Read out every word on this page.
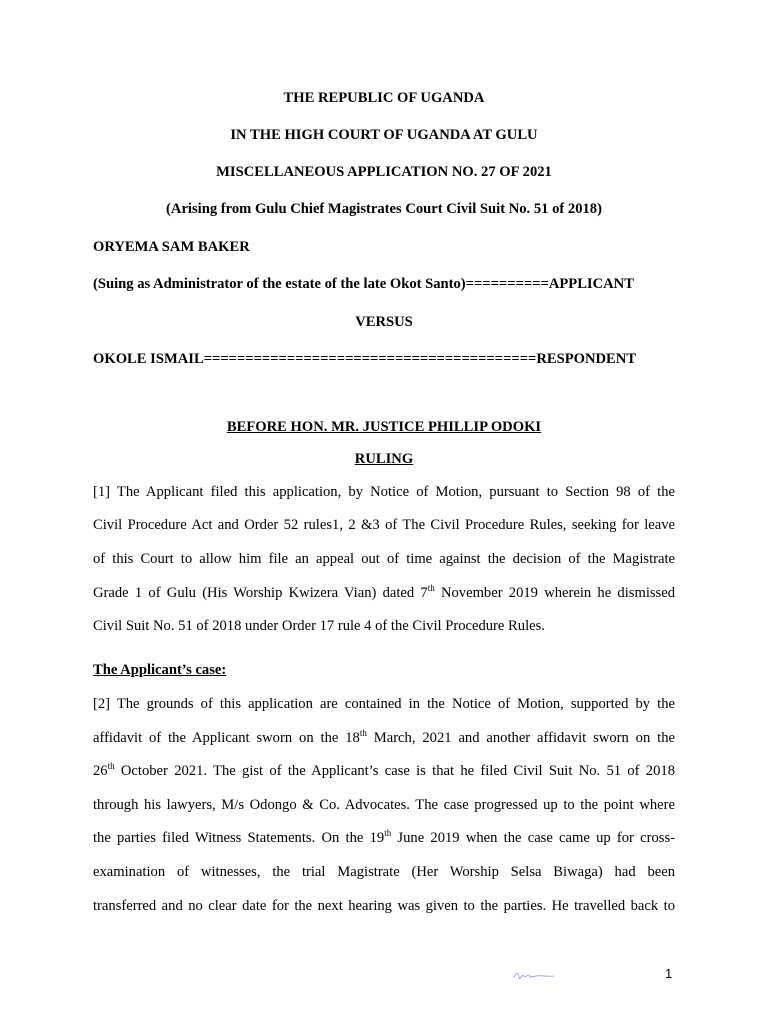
THE REPUBLIC OF UGANDA
IN THE HIGH COURT OF UGANDA AT GULU
MISCELLANEOUS APPLICATION NO. 27 OF 2021
(Arising from Gulu Chief Magistrates Court Civil Suit No. 51 of 2018)
ORYEMA SAM BAKER
(Suing as Administrator of the estate of the late Okot Santo)==========APPLICANT
VERSUS
OKOLE ISMAIL========================================RESPONDENT
BEFORE HON. MR. JUSTICE PHILLIP ODOKI
RULING
[1] The Applicant filed this application, by Notice of Motion, pursuant to Section 98 of the
Civil Procedure Act and Order 52 rules1, 2 &3 of The Civil Procedure Rules, seeking for leave
of this Court to allow him file an appeal out of time against the decision of the Magistrate
Grade 1 of Gulu (His Worship Kwizera Vian) dated 7th November 2019 wherein he dismissed
Civil Suit No. 51 of 2018 under Order 17 rule 4 of the Civil Procedure Rules.
The Applicant’s case:
[2] The grounds of this application are contained in the Notice of Motion, supported by the
affidavit of the Applicant sworn on the 18th March, 2021 and another affidavit sworn on the
26th October 2021. The gist of the Applicant’s case is that he filed Civil Suit No. 51 of 2018
through his lawyers, M/s Odongo & Co. Advocates. The case progressed up to the point where
the parties filed Witness Statements. On the 19th June 2019 when the case came up for cross-
examination of witnesses, the trial Magistrate (Her Worship Selsa Biwaga) had been
transferred and no clear date for the next hearing was given to the parties. He travelled back to
1
